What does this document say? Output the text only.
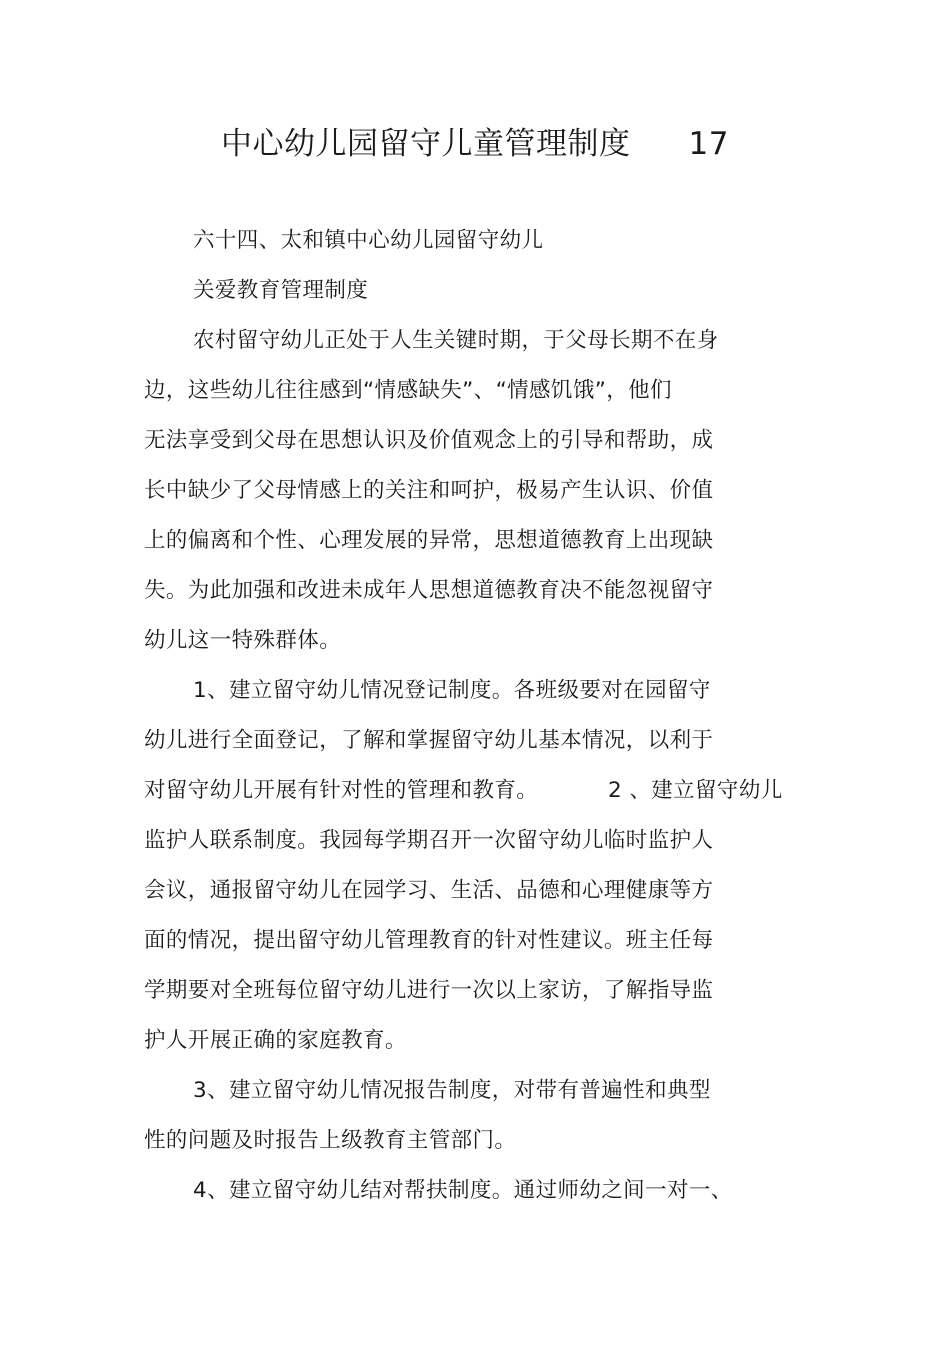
中心幼儿园留守儿童管理制度 17
六十四、太和镇中心幼儿园留守幼儿
关爱教育管理制度
农村留守幼儿正处于人生关键时期，于父母长期不在身
边，这些幼儿往往感到“情感缺失”、“情感饥饿”，他们
无法享受到父母在思想认识及价值观念上的引导和帮助，成
长中缺少了父母情感上的关注和呵护，极易产生认识、价值
上的偏离和个性、心理发展的异常，思想道德教育上出现缺
失。为此加强和改进未成年人思想道德教育决不能忽视留守
幼儿这一特殊群体。
1、建立留守幼儿情况登记制度。各班级要对在园留守
幼儿进行全面登记，了解和掌握留守幼儿基本情况，以利于
对留守幼儿开展有针对性的管理和教育。	2 、建立留守幼儿
监护人联系制度。我园每学期召开一次留守幼儿临时监护人
会议，通报留守幼儿在园学习、生活、品德和心理健康等方
面的情况，提出留守幼儿管理教育的针对性建议。班主任每
学期要对全班每位留守幼儿进行一次以上家访，了解指导监
护人开展正确的家庭教育。
3、建立留守幼儿情况报告制度，对带有普遍性和典型
性的问题及时报告上级教育主管部门。
4、建立留守幼儿结对帮扶制度。通过师幼之间一对一、
